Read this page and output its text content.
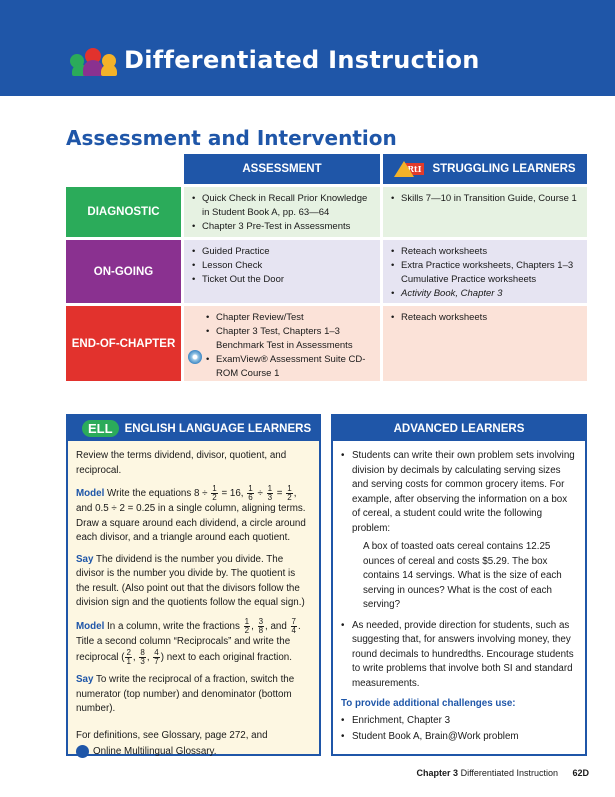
Differentiated Instruction
Assessment and Intervention
ASSESSMENT	RtI STRUGGLING LEARNERS
DIAGNOSTIC
• Quick Check in Recall Prior Knowledge in Student Book A, pp. 63—64
• Chapter 3 Pre-Test in Assessments
• Skills 7—10 in Transition Guide, Course 1
ON-GOING
• Guided Practice
• Lesson Check
• Ticket Out the Door
• Reteach worksheets
• Extra Practice worksheets, Chapters 1–3 Cumulative Practice worksheets
• Activity Book, Chapter 3
END-OF-CHAPTER
• Chapter Review/Test
• Chapter 3 Test, Chapters 1–3 Benchmark Test in Assessments
• ExamView® Assessment Suite CD-ROM Course 1
• Reteach worksheets
ELL	ENGLISH LANGUAGE LEARNERS

Review the terms dividend, divisor, quotient, and reciprocal.

Model Write the equations $8 \div \frac{1}{2} = 16$, $\frac{1}{6} \div \frac{1}{3} = \frac{1}{2}$ , and 0.5 ÷ 2 = 0.25 in a single column, aligning terms. Draw a square around each dividend, a circle around each divisor, and a triangle around each quotient.

Say The dividend is the number you divide. The divisor is the number you divide by. The quotient is the result. (Also point out that the divisors follow the division sign and the quotients follow the equal sign.)

Model In a column, write the fractions $\frac{1}{2}$ , $\frac{3}{8}$ , and $\frac{7}{4}$ . Title a second column “Reciprocals” and write the reciprocal ( $\frac{2}{1}$ , $\frac{8}{3}$ , $\frac{4}{7}$ ) next to each original fraction.

Say To write the reciprocal of a fraction, switch the numerator (top number) and denominator (bottom number).

For definitions, see Glossary, page 272, and

Online Multilingual Glossary.

ADVANCED LEARNERS
• Students can write their own problem sets involving division by decimals by calculating serving sizes and serving costs for common grocery items. For example, after observing the information on a box of cereal, a student could write the following problem:
A box of toasted oats cereal contains 12.25 ounces of cereal and costs $5.29. The box contains 14 servings. What is the size of each serving in ounces? What is the cost of each serving?
• As needed, provide direction for students, such as suggesting that, for answers involving money, they round decimals to hundredths. Encourage students to write problems that involve both SI and standard measurements.
To provide additional challenges use:
• Enrichment, Chapter 3
• Student Book A, Brain@Work problem
Chapter 3 Differentiated Instruction 62D
